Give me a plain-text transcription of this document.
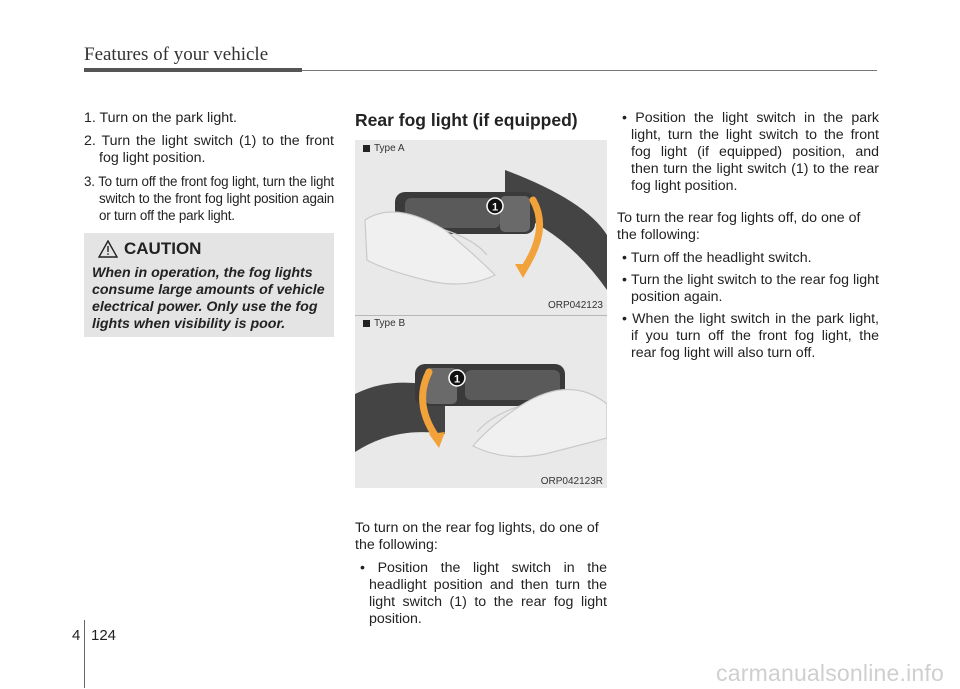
Features of your vehicle

1. Turn on the park light.

2. Turn the light switch (1) to the front fog light position.

3. To turn off the front fog light, turn the light switch to the front fog light position again or turn off the park light.

CAUTION
When in operation, the fog lights consume large amounts of vehicle electrical power. Only use the fog lights when visibility is poor.
Rear fog light (if equipped)
Type A
1
ORP042123
Type B
1
ORP042123R

To turn on the rear fog lights, do one of the following:

• Position the light switch in the headlight position and then turn the light switch (1) to the rear fog light position.

• Position the light switch in the park light, turn the light switch to the front fog light (if equipped) position, and then turn the light switch (1) to the rear fog light position.

To turn the rear fog lights off, do one of the following:

• Turn off the headlight switch.

• Turn the light switch to the rear fog light position again.

• When the light switch in the park light, if you turn off the front fog light, the rear fog light will also turn off.

4 124
carmanualsonline.info
